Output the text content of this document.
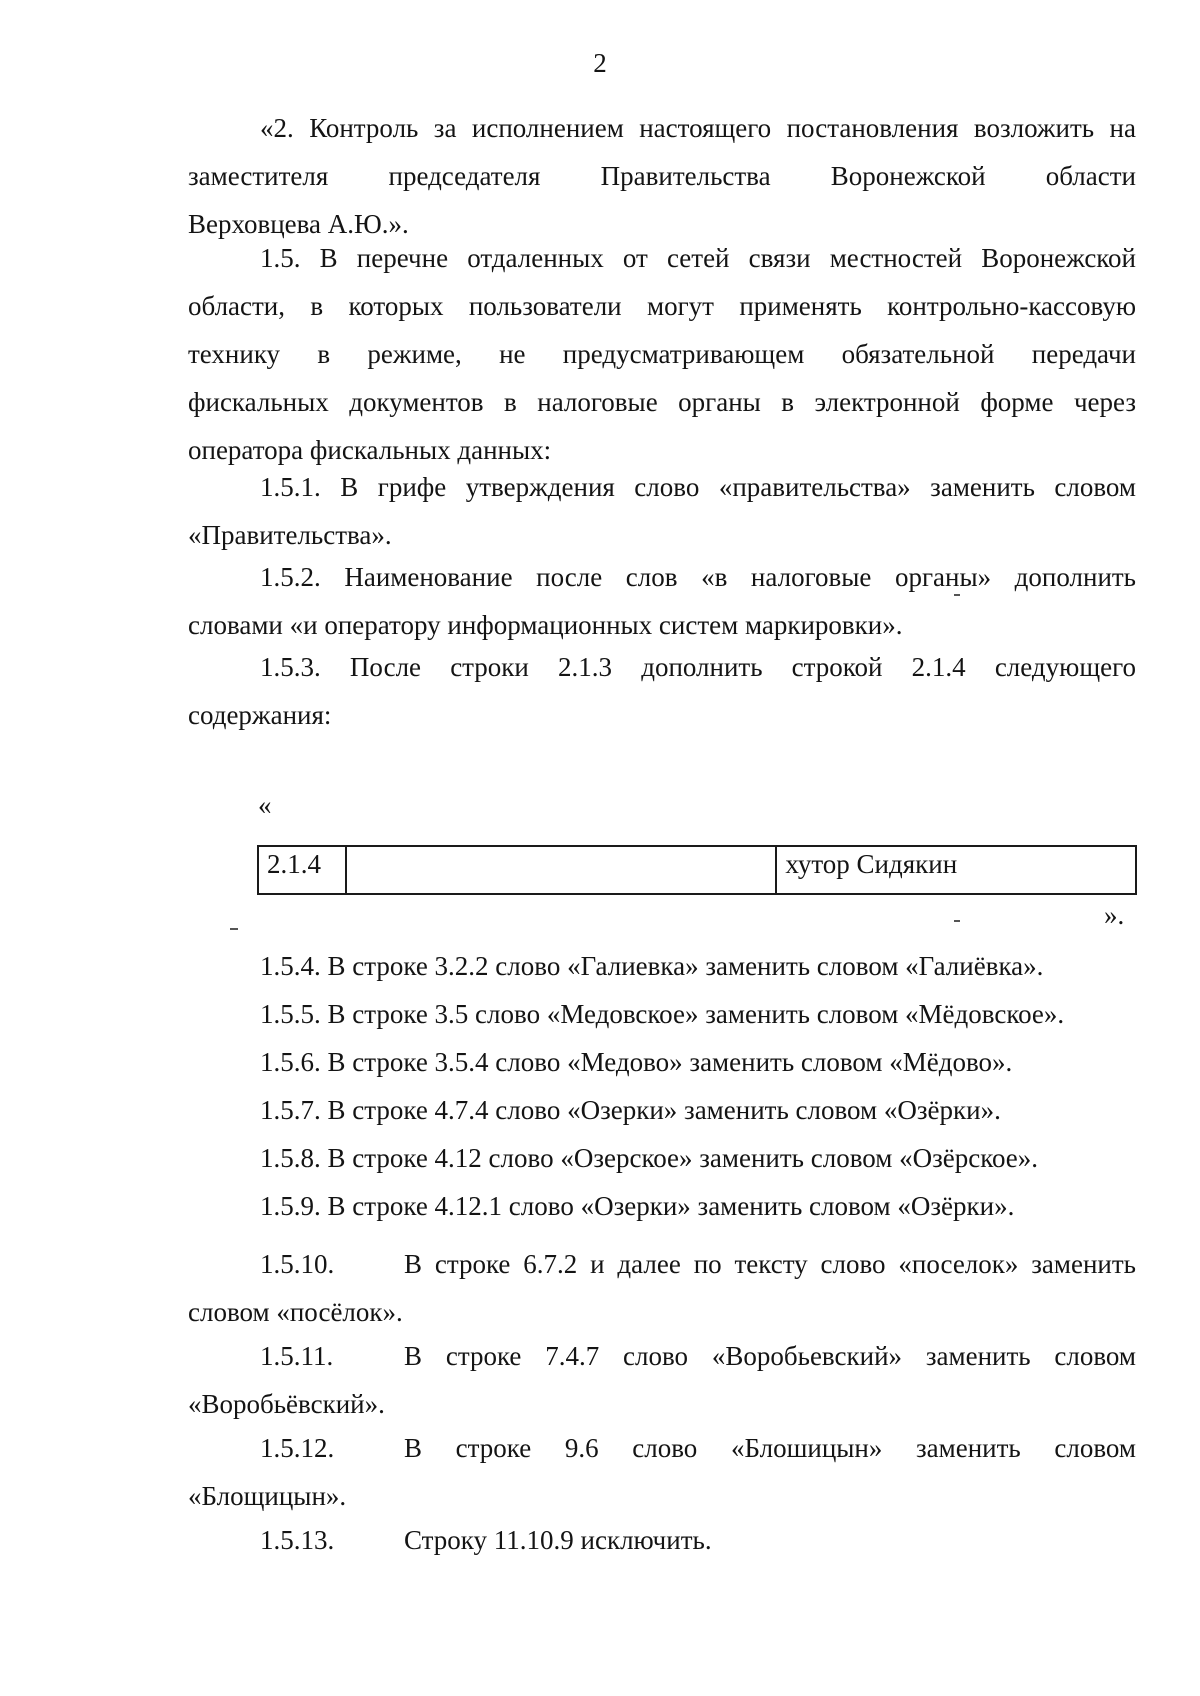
2
«2. Контроль за исполнением настоящего постановления возложить на
заместителя председателя Правительства Воронежской области
Верховцева А.Ю.».
1.5. В перечне отдаленных от сетей связи местностей Воронежской
области, в которых пользователи могут применять контрольно-кассовую
технику в режиме, не предусматривающем обязательной передачи
фискальных документов в налоговые органы в электронной форме через
оператора фискальных данных:
1.5.1. В грифе утверждения слово «правительства» заменить словом
«Правительства».
1.5.2. Наименование после слов «в налоговые органы» дополнить
словами «и оператору информационных систем маркировки».
1.5.3. После строки 2.1.3 дополнить строкой 2.1.4 следующего
содержания:
«
2.1.4		хутор Сидякин
».
1.5.4. В строке 3.2.2 слово «Галиевка» заменить словом «Галиёвка».
1.5.5. В строке 3.5 слово «Медовское» заменить словом «Мёдовское».
1.5.6. В строке 3.5.4 слово «Медово» заменить словом «Мёдово».
1.5.7. В строке 4.7.4 слово «Озерки» заменить словом «Озёрки».
1.5.8. В строке 4.12 слово «Озерское» заменить словом «Озёрское».
1.5.9. В строке 4.12.1 слово «Озерки» заменить словом «Озёрки».
1.5.10.	В строке 6.7.2 и далее по тексту слово «поселок» заменить
словом «посёлок».
1.5.11.	В строке 7.4.7 слово «Воробьевский» заменить словом
«Воробьёвский».
1.5.12.	В строке 9.6 слово «Блошицын» заменить словом
«Блощицын».
1.5.13.	Строку 11.10.9 исключить.
